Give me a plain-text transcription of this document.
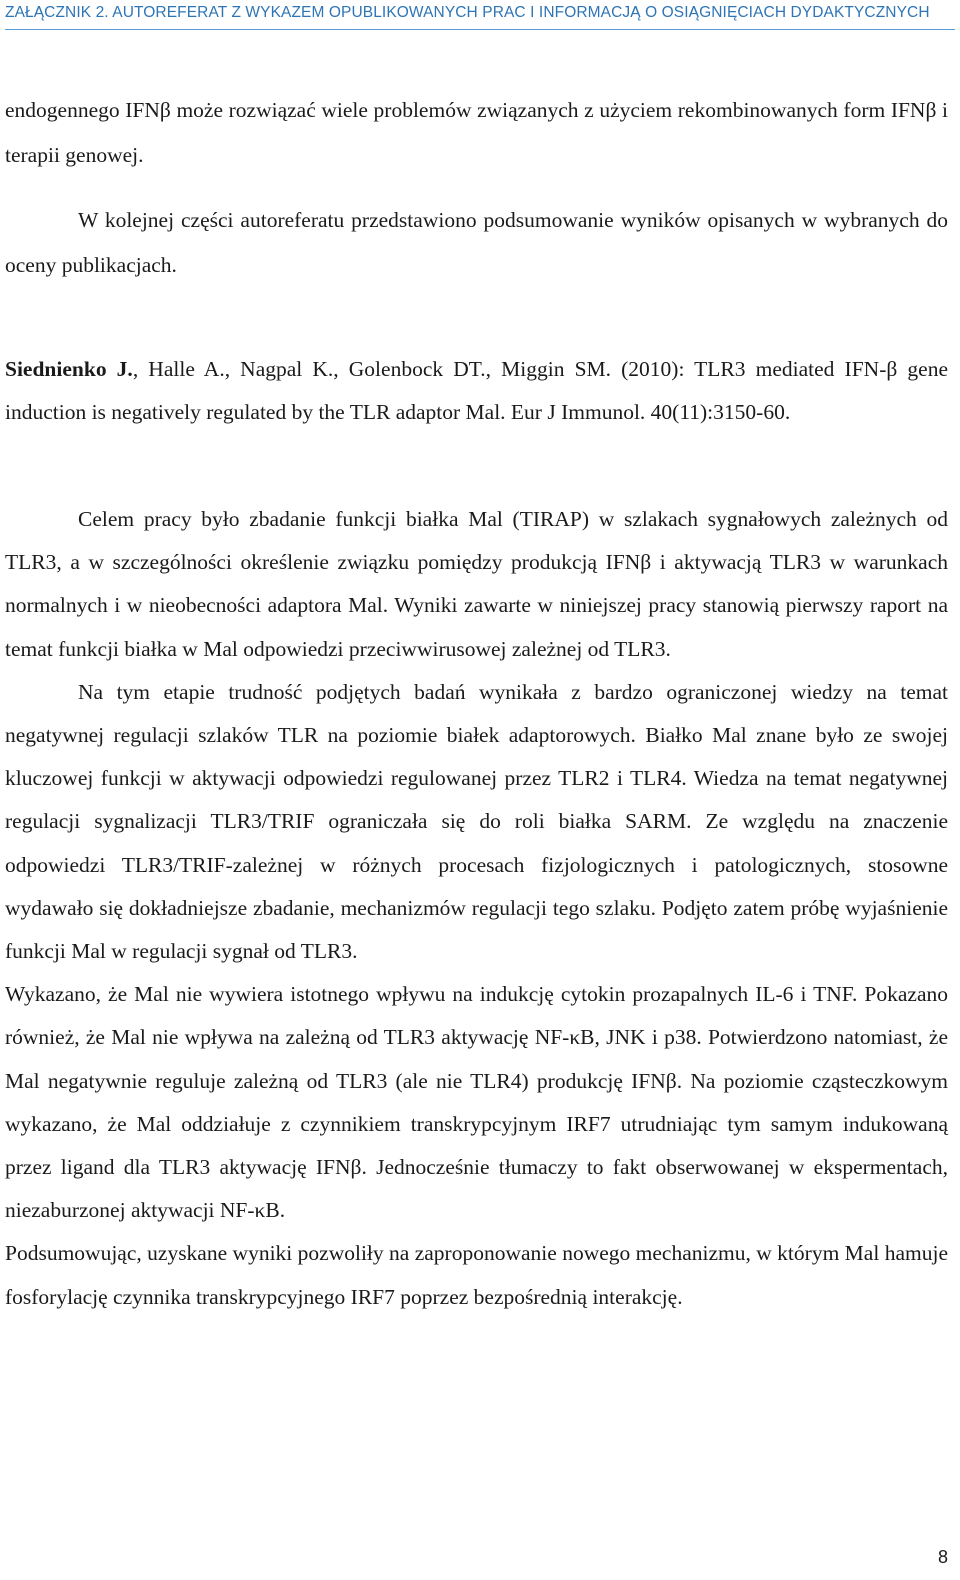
ZAŁĄCZNIK 2. AUTOREFERAT Z WYKAZEM OPUBLIKOWANYCH PRAC I INFORMACJĄ O OSIĄGNIĘCIACH DYDAKTYCZNYCH

endogennego IFNβ może rozwiązać wiele problemów związanych z użyciem rekombinowanych form IFNβ i terapii genowej.

W kolejnej części autoreferatu przedstawiono podsumowanie wyników opisanych w wybranych do oceny publikacjach.

Siednienko J., Halle A., Nagpal K., Golenbock DT., Miggin SM. (2010): TLR3 mediated IFN-β gene induction is negatively regulated by the TLR adaptor Mal. Eur J Immunol. 40(11):3150-60.

Celem pracy było zbadanie funkcji białka Mal (TIRAP) w szlakach sygnałowych zależnych od TLR3, a w szczególności określenie związku pomiędzy produkcją IFNβ i aktywacją TLR3 w warunkach normalnych i w nieobecności adaptora Mal. Wyniki zawarte w niniejszej pracy stanowią pierwszy raport na temat funkcji białka w Mal odpowiedzi przeciwwirusowej zależnej od TLR3.

Na tym etapie trudność podjętych badań wynikała z bardzo ograniczonej wiedzy na temat negatywnej regulacji szlaków TLR na poziomie białek adaptorowych. Białko Mal znane było ze swojej kluczowej funkcji w aktywacji odpowiedzi regulowanej przez TLR2 i TLR4. Wiedza na temat negatywnej regulacji sygnalizacji TLR3/TRIF ograniczała się do roli białka SARM. Ze względu na znaczenie odpowiedzi TLR3/TRIF-zależnej w różnych procesach fizjologicznych i patologicznych, stosowne wydawało się dokładniejsze zbadanie, mechanizmów regulacji tego szlaku. Podjęto zatem próbę wyjaśnienie funkcji Mal w regulacji sygnał od TLR3.

Wykazano, że Mal nie wywiera istotnego wpływu na indukcję cytokin prozapalnych IL-6 i TNF. Pokazano również, że Mal nie wpływa na zależną od TLR3 aktywację NF-κB, JNK i p38. Potwierdzono natomiast, że Mal negatywnie reguluje zależną od TLR3 (ale nie TLR4) produkcję IFNβ. Na poziomie cząsteczkowym wykazano, że Mal oddziałuje z czynnikiem transkrypcyjnym IRF7 utrudniając tym samym indukowaną przez ligand dla TLR3 aktywację IFNβ. Jednocześnie tłumaczy to fakt obserwowanej w ekspermentach, niezaburzonej aktywacji NF-κB.

Podsumowując, uzyskane wyniki pozwoliły na zaproponowanie nowego mechanizmu, w którym Mal hamuje fosforylację czynnika transkrypcyjnego IRF7 poprzez bezpośrednią interakcję.

8
